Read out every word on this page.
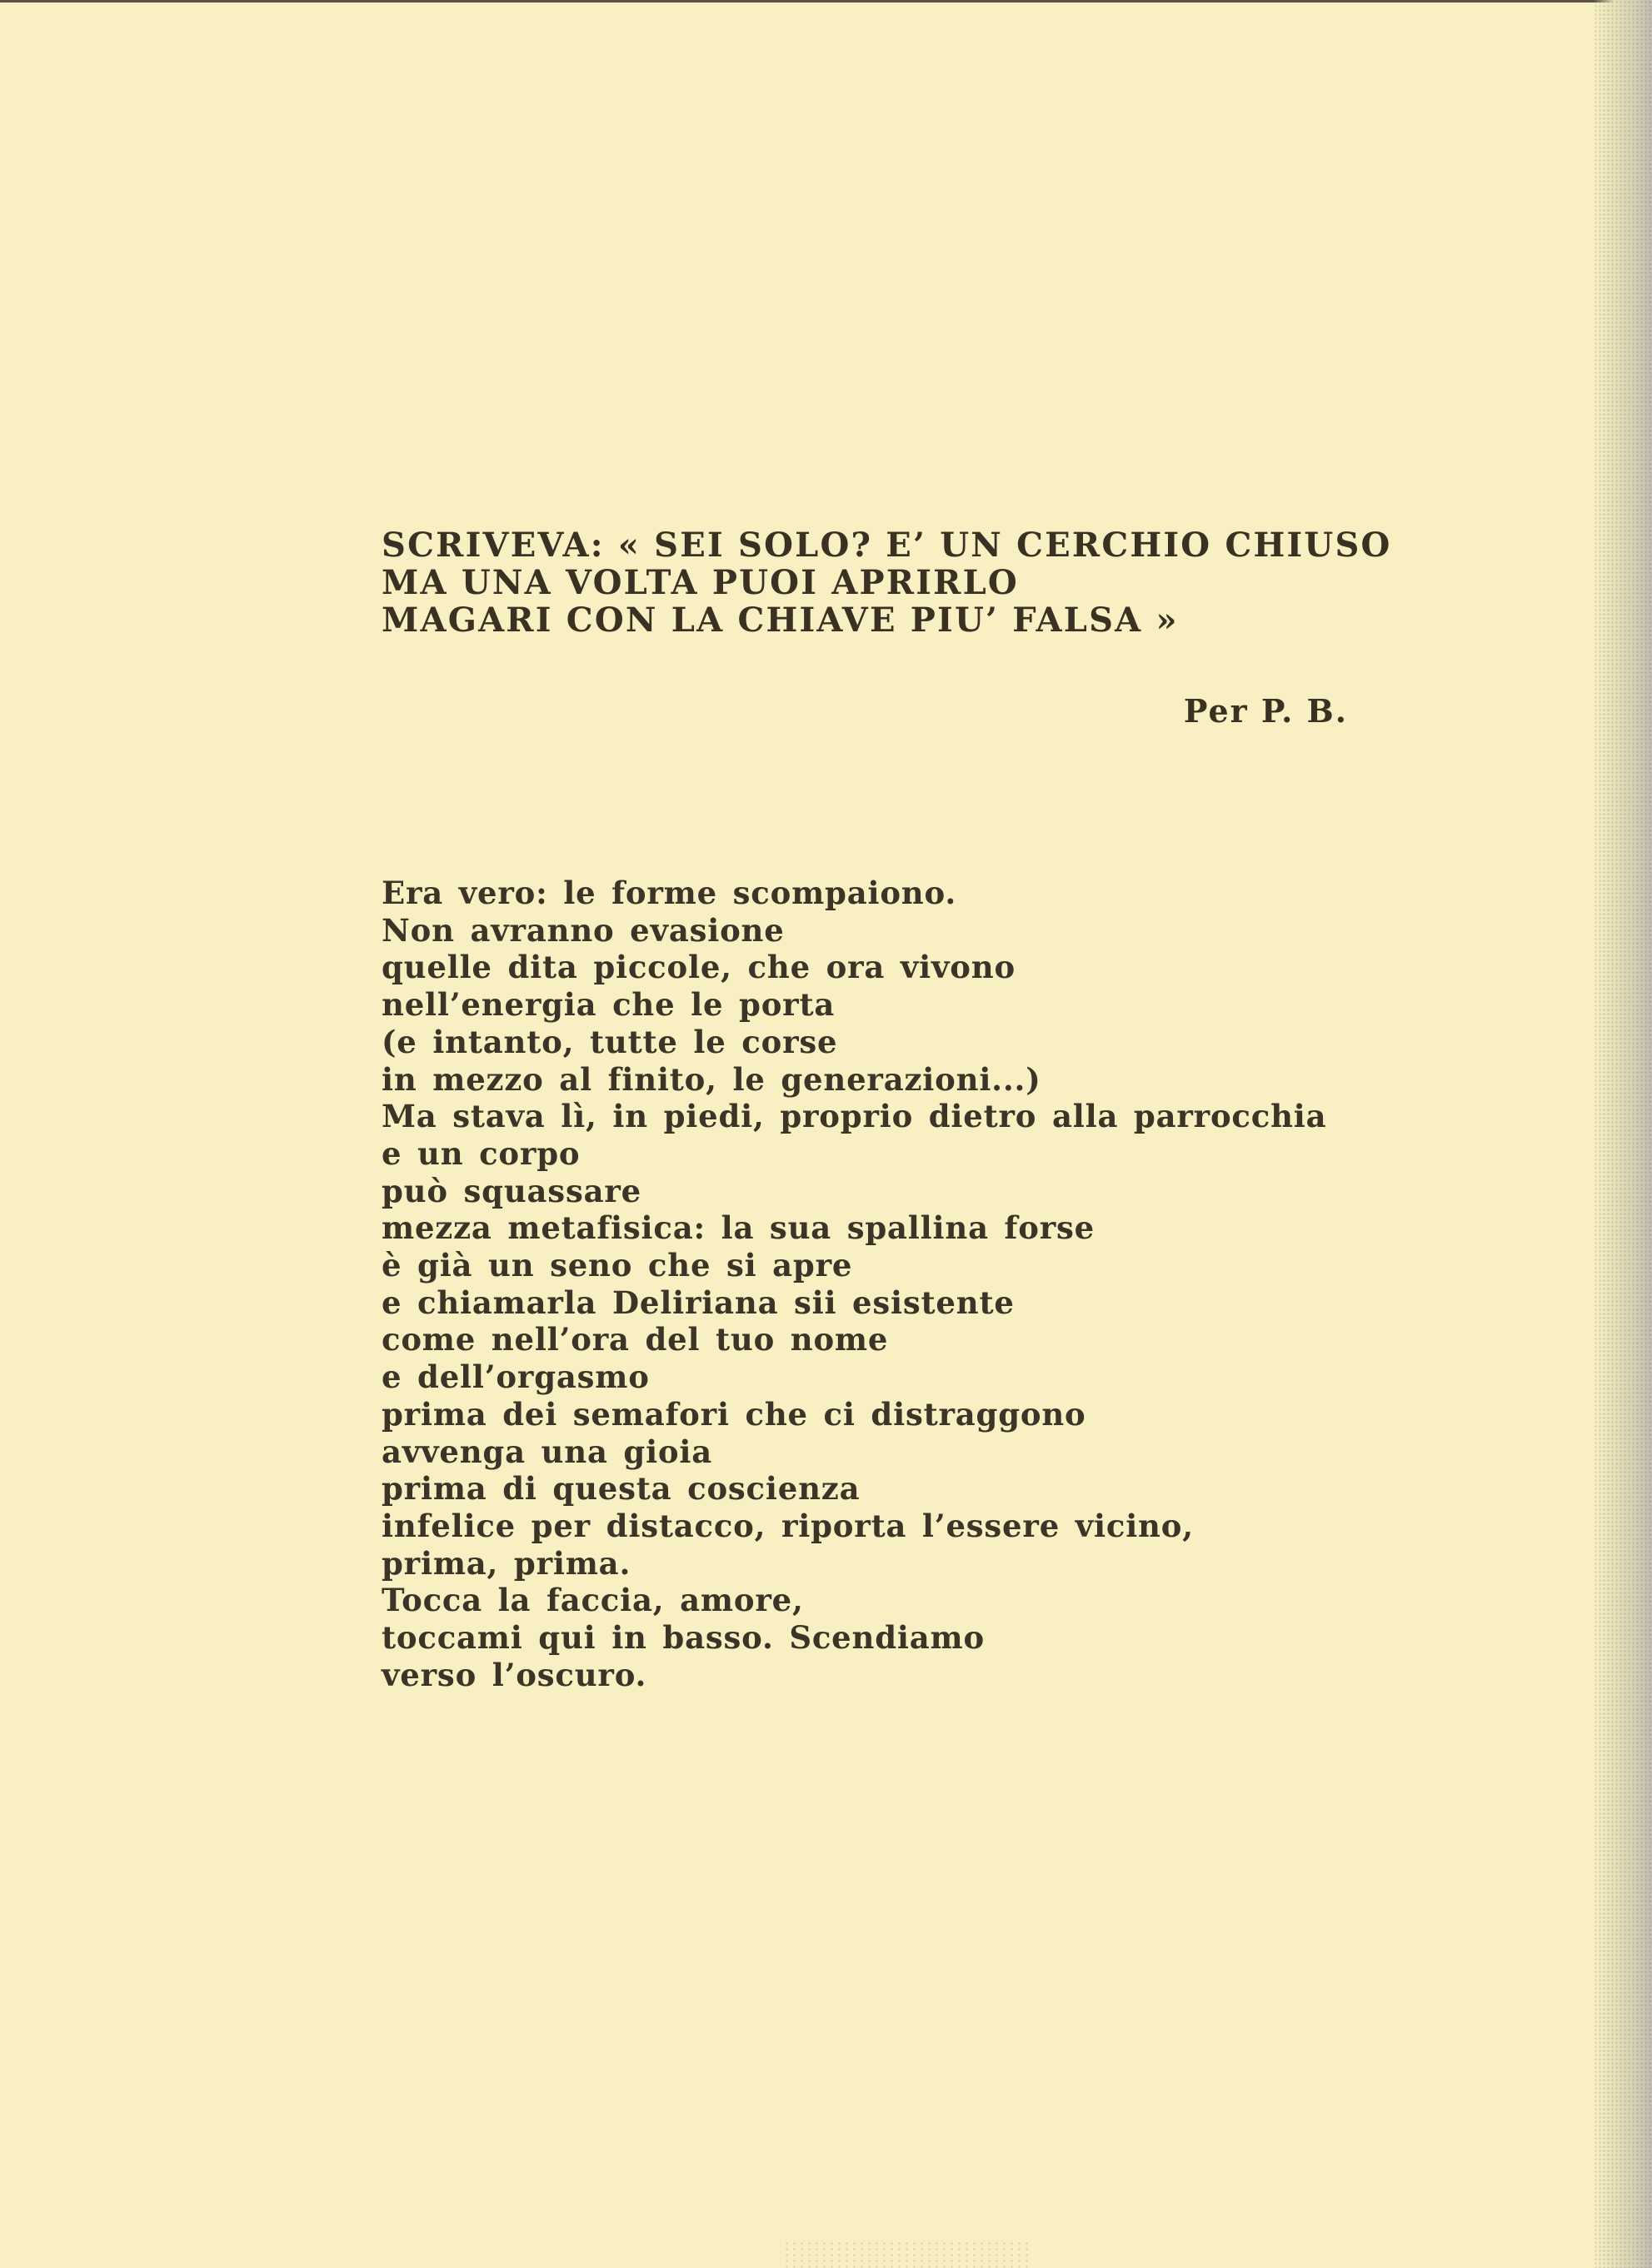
SCRIVEVA: « SEI SOLO? E’ UN CERCHIO CHIUSO
MA UNA VOLTA PUOI APRIRLO
MAGARI CON LA CHIAVE PIU’ FALSA »

Per P. B.

Era vero: le forme scompaiono.
Non avranno evasione
quelle dita piccole, che ora vivono
nell’energia che le porta
(e intanto, tutte le corse
in mezzo al finito, le generazioni...)
Ma stava lì, in piedi, proprio dietro alla parrocchia
e un corpo
può squassare
mezza metafisica: la sua spallina forse
è già un seno che si apre
e chiamarla Deliriana sii esistente
come nell’ora del tuo nome
e dell’orgasmo
prima dei semafori che ci distraggono
avvenga una gioia
prima di questa coscienza
infelice per distacco, riporta l’essere vicino,
prima, prima.
Tocca la faccia, amore,
toccami qui in basso. Scendiamo
verso l’oscuro.
